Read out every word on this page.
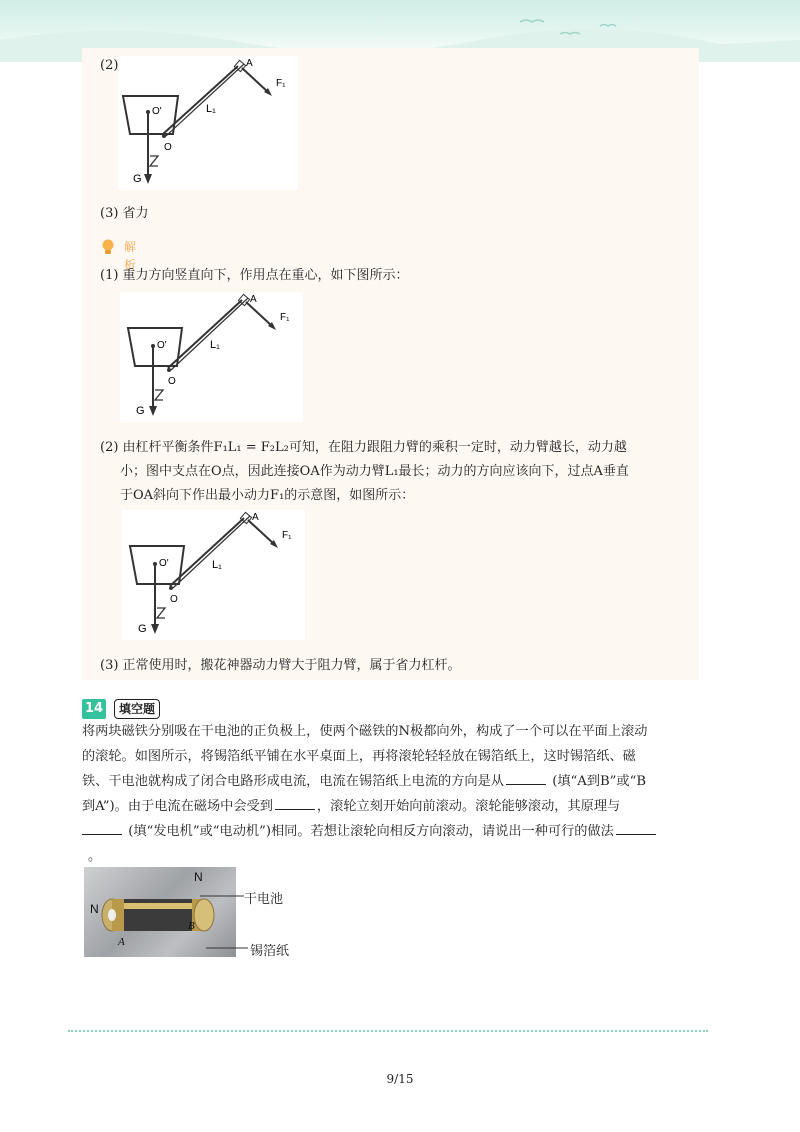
(2)
O'
G
O
L₁
A
F₁
(3) 省力
解析
(1) 重力方向竖直向下，作用点在重心，如下图所示：
O'
G
O
L₁
A
F₁
(2) 由杠杆平衡条件F₁L₁ = F₂L₂可知，在阻力跟阻力臂的乘积一定时，动力臂越长，动力越
小；图中支点在O点，因此连接OA作为动力臂L₁最长；动力的方向应该向下，过点A垂直
于OA斜向下作出最小动力F₁的示意图，如图所示：
O'
G
O
L₁
A
F₁
(3) 正常使用时，搬花神器动力臂大于阻力臂，属于省力杠杆。
14	填空题
将两块磁铁分别吸在干电池的正负极上，使两个磁铁的N极都向外，构成了一个可以在平面上滚动
的滚轮。如图所示，将锡箔纸平铺在水平桌面上，再将滚轮轻轻放在锡箔纸上，这时锡箔纸、磁
铁、干电池就构成了闭合电路形成电流，电流在锡箔纸上电流的方向是从	(填“A到B”或“B
到A”)。由于电流在磁场中会受到	，滚轮立刻开始向前滚动。滚轮能够滚动，其原理与
(填“发电机”或“电动机”)相同。若想让滚轮向相反方向滚动，请说出一种可行的做法
。
N
N
A
B
干电池
锡箔纸
9/15
